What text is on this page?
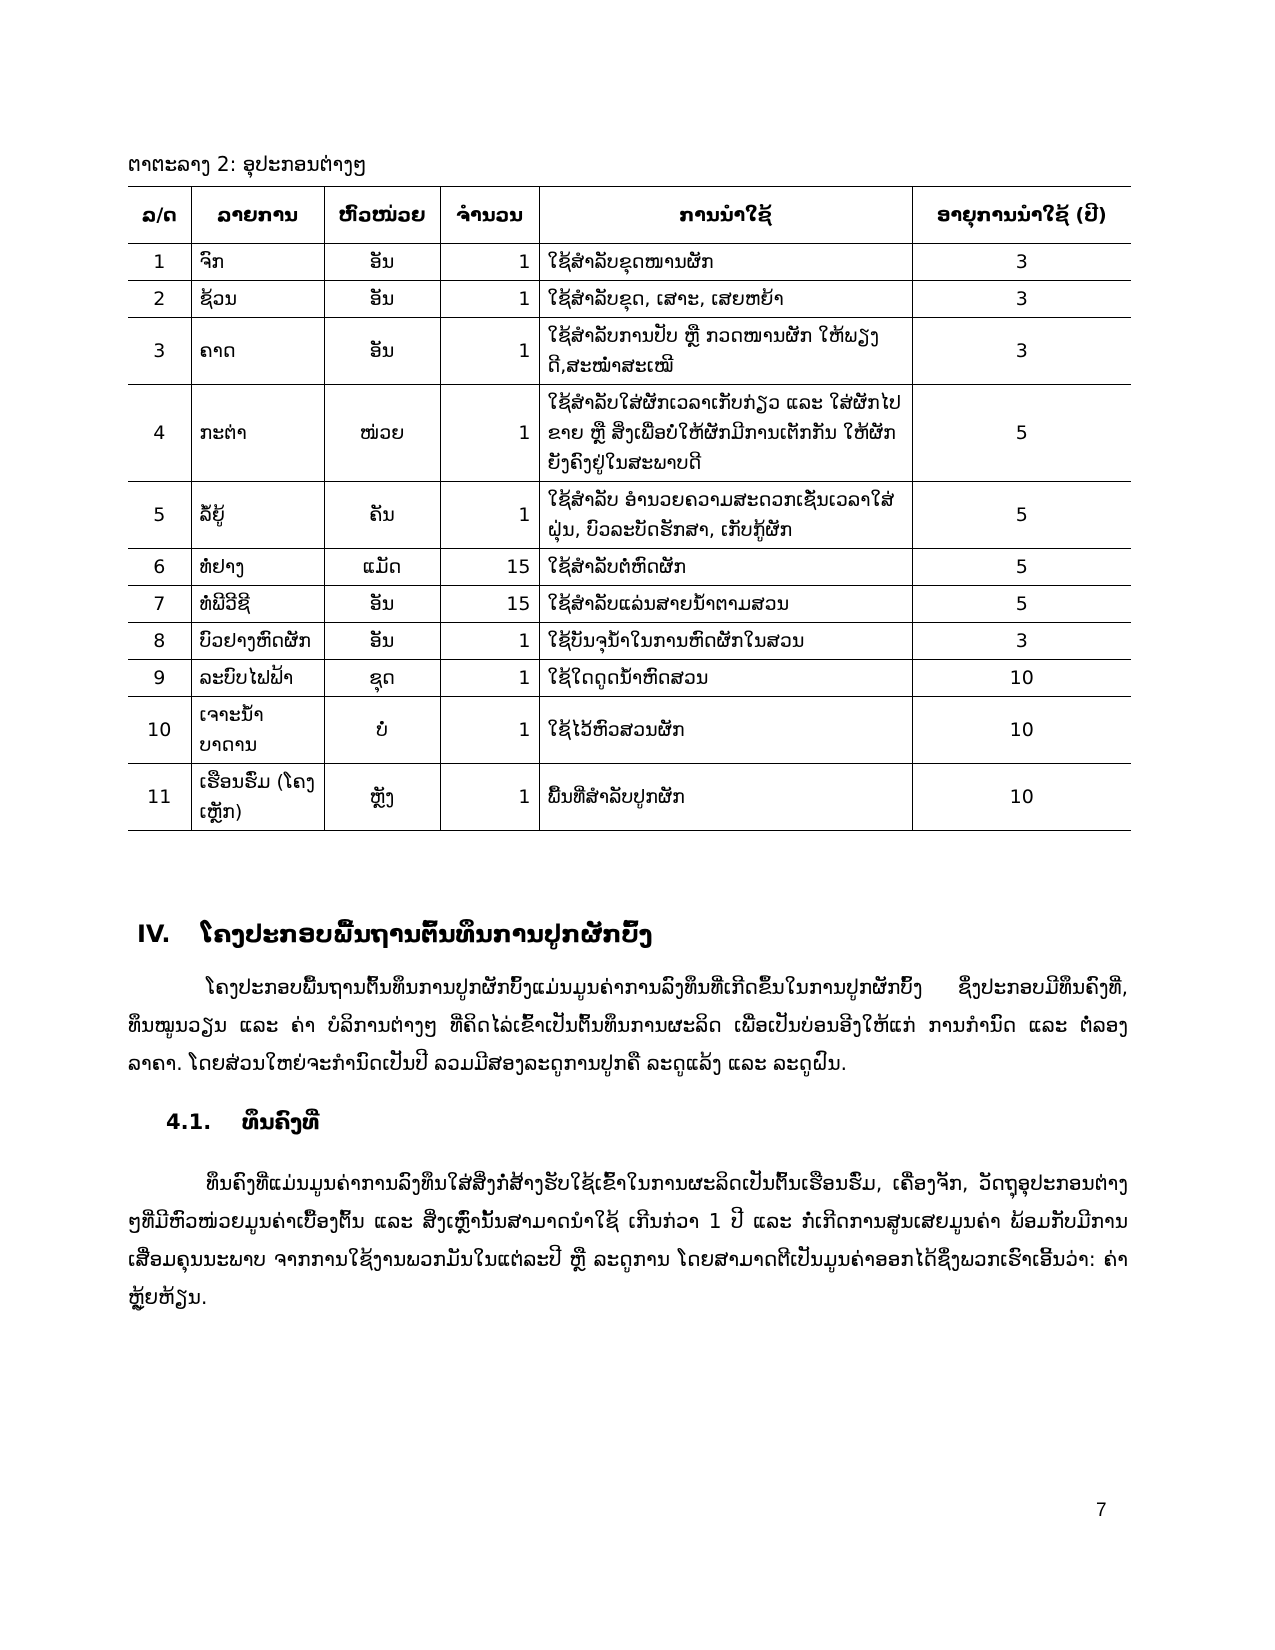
ຕາຕະລາງ 2: ອຸປະກອນຕ່າງໆ
ລ/ດ	ລາຍການ	ຫົວໜ່ວຍ	ຈຳນວນ	ການນຳໃຊ້	ອາຍຸການນຳໃຊ້ (ປີ)
1	ຈົກ	ອັນ	1	ໃຊ້ສຳລັບຂຸດໜານຜັກ	3
2	ຊ້ວນ	ອັນ	1	ໃຊ້ສຳລັບຂຸດ, ເສາະ, ເສຍຫຍ້າ	3
3	ຄາດ	ອັນ	1	ໃຊ້ສຳລັບການປັບ ຫຼື ກວດໜານຜັກ ໃຫ້ພຽງດີ,ສະໝໍ່າສະເໝີ	3
4	ກະຕ່າ	ໜ່ວຍ	1	ໃຊ້ສຳລັບໃສ່ຜັກເວລາເກັບກ່ຽວ ແລະ ໃສ່ຜັກໄປ ຂາຍ ຫຼື ສິ່ງເພື່ອບໍ່ໃຫ້ຜັກມີການເຕັກກັນ ໃຫ້ຜັກຍັງຄົງຢູ່ໃນສະພາບດີ	5
5	ລໍ້ຍູ້	ຄັນ	1	ໃຊ້ສຳລັບ ອຳນວຍຄວາມສະດວກເຊັ່ນເວລາໃສ່ ຝຸ່ນ, ບົວລະບັດຮັກສາ, ເກັບກູ້ຜັກ	5
6	ທໍ່ຢາງ	ແມັດ	15	ໃຊ້ສຳລັບຕໍ່ຫົດຜັກ	5
7	ທໍ່ພີວີຊີ	ອັນ	15	ໃຊ້ສຳລັບແລ່ນສາຍນ້ຳຕາມສວນ	5
8	ບົວຢາງຫົດຜັກ	ອັນ	1	ໃຊ້ບັນຈຸນ້ຳໃນການຫົດຜັກໃນສວນ	3
9	ລະບົບໄຟຟ້າ	ຊຸດ	1	ໃຊ້ໃດດູດນ້ຳຫົດສວນ	10
10	ເຈາະນ້ຳບາດານ	ບໍ່	1	ໃຊ້ໄວ້ຫົວສວນຜັກ	10
11	ເຮືອນຮົ່ມ (ໂຄງເຫຼັກ)	ຫຼັງ	1	ພື້ນທີ່ສຳລັບປູກຜັກ	10
IV. ໂຄງປະກອບພື້ນຖານຕົ້ນທຶນການປູກຜັກບົ້ງ
ໂຄງປະກອບພື້ນຖານຕົ້ນທຶນການປູກຜັກບົ້ງແມ່ນມູນຄ່າການລົງທຶນທີ່ເກີດຂຶ້ນໃນການປູກຜັກບົ້ງ ຊຶ່ງປະກອບມີທຶນຄົງທີ່, ທຶນໝູນວຽນ ແລະ ຄ່າ ບໍລິການຕ່າງໆ ທີ່ຄິດໄລ່ເຂົ້າເປັນຕົ້ນທຶນການຜະລິດ ເພື່ອເປັນບ່ອນອີງໃຫ້ແກ່ ການກຳນົດ ແລະ ຕໍ່ລອງລາຄາ. ໂດຍສ່ວນໃຫຍ່ຈະກຳນົດເປັນປີ ລວມມີສອງລະດູການປູກຄື ລະດູແລ້ງ ແລະ ລະດູຝົນ.
4.1. ທຶນຄົງທີ່
ທຶນຄົງທີ່ແມ່ນມູນຄ່າການລົງທຶນໃສ່ສິ່ງກໍ່ສ້າງຮັບໃຊ້ເຂົ້າໃນການຜະລິດເປັນຕົ້ນເຮືອນຮົ່ມ, ເຄື່ອງຈັກ, ວັດຖຸອຸປະກອນຕ່າງໆທີ່ມີຫົວໜ່ວຍມູນຄ່າເບື້ອງຕົ້ນ ແລະ ສິ່ງເຫຼົ່ານັ້ນສາມາດນຳໃຊ້ ເກີນກ່ວາ 1 ປີ ແລະ ກໍ່ເກີດການສູນເສຍມູນຄ່າ ພ້ອມກັບມີການເສື່ອມຄຸນນະພາບ ຈາກການໃຊ້ງານພວກມັນໃນແຕ່ລະປີ ຫຼື ລະດູການ ໂດຍສາມາດຕີເປັນມູນຄ່າອອກໄດ້ຊຶ່ງພວກເຮົາເອີ້ນວ່າ: ຄ່າຫຼູ້ຍຫ້ຽນ.
7
